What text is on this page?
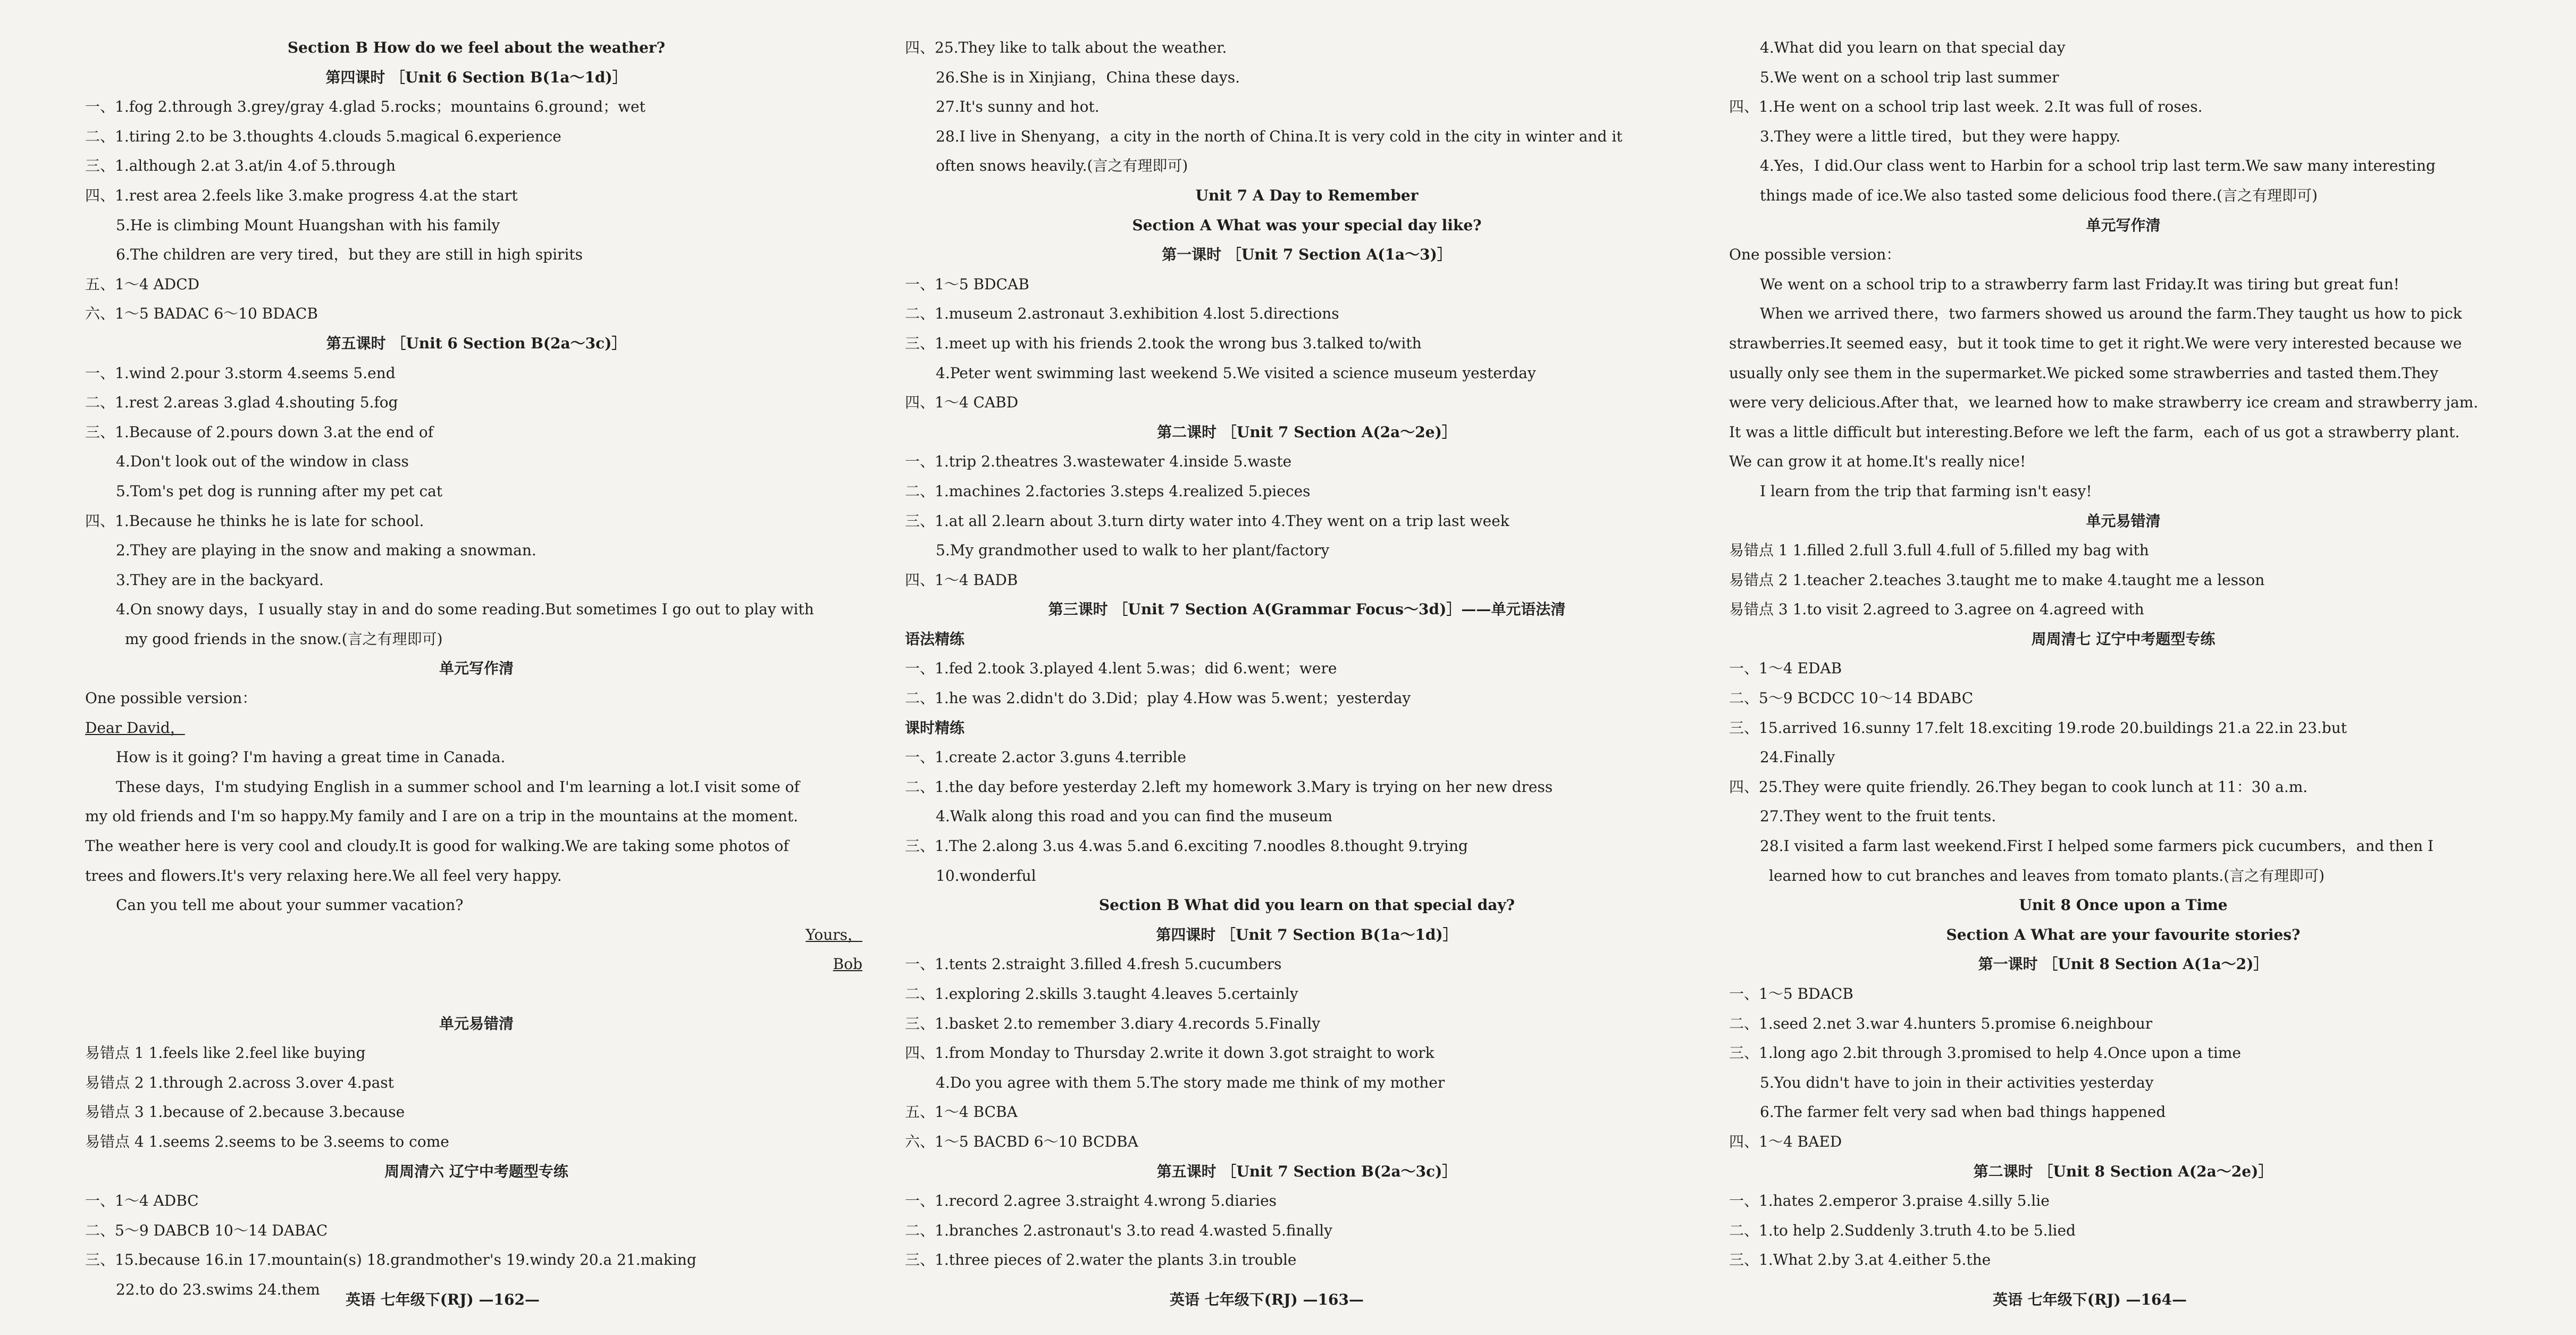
Section B How do we feel about the weather?
第四课时 ［Unit 6 Section B(1a～1d)］
一、1.fog 2.through 3.grey/gray 4.glad 5.rocks；mountains 6.ground；wet
二、1.tiring 2.to be 3.thoughts 4.clouds 5.magical 6.experience
三、1.although 2.at 3.at/in 4.of 5.through
四、1.rest area 2.feels like 3.make progress 4.at the start
5.He is climbing Mount Huangshan with his family
6.The children are very tired，but they are still in high spirits
五、1～4 ADCD
六、1～5 BADAC 6～10 BDACB
第五课时 ［Unit 6 Section B(2a～3c)］
一、1.wind 2.pour 3.storm 4.seems 5.end
二、1.rest 2.areas 3.glad 4.shouting 5.fog
三、1.Because of 2.pours down 3.at the end of
4.Don't look out of the window in class
5.Tom's pet dog is running after my pet cat
四、1.Because he thinks he is late for school.
2.They are playing in the snow and making a snowman.
3.They are in the backyard.
4.On snowy days，I usually stay in and do some reading.But sometimes I go out to play with
my good friends in the snow.(言之有理即可)
单元写作清
One possible version：
Dear David，
How is it going? I'm having a great time in Canada.
These days，I'm studying English in a summer school and I'm learning a lot.I visit some of
my old friends and I'm so happy.My family and I are on a trip in the mountains at the moment.
The weather here is very cool and cloudy.It is good for walking.We are taking some photos of
trees and flowers.It's very relaxing here.We all feel very happy.
Can you tell me about your summer vacation?
Yours，
Bob

单元易错清
易错点 1 1.feels like 2.feel like buying
易错点 2 1.through 2.across 3.over 4.past
易错点 3 1.because of 2.because 3.because
易错点 4 1.seems 2.seems to be 3.seems to come
周周清六 辽宁中考题型专练
一、1～4 ADBC
二、5～9 DABCB 10～14 DABAC
三、15.because 16.in 17.mountain(s) 18.grandmother's 19.windy 20.a 21.making
22.to do 23.swims 24.them
四、25.They like to talk about the weather.
26.She is in Xinjiang，China these days.
27.It's sunny and hot.
28.I live in Shenyang，a city in the north of China.It is very cold in the city in winter and it
often snows heavily.(言之有理即可)
Unit 7 A Day to Remember
Section A What was your special day like?
第一课时 ［Unit 7 Section A(1a～3)］
一、1～5 BDCAB
二、1.museum 2.astronaut 3.exhibition 4.lost 5.directions
三、1.meet up with his friends 2.took the wrong bus 3.talked to/with
4.Peter went swimming last weekend 5.We visited a science museum yesterday
四、1～4 CABD
第二课时 ［Unit 7 Section A(2a～2e)］
一、1.trip 2.theatres 3.wastewater 4.inside 5.waste
二、1.machines 2.factories 3.steps 4.realized 5.pieces
三、1.at all 2.learn about 3.turn dirty water into 4.They went on a trip last week
5.My grandmother used to walk to her plant/factory
四、1～4 BADB
第三课时 ［Unit 7 Section A(Grammar Focus～3d)］——单元语法清
语法精练
一、1.fed 2.took 3.played 4.lent 5.was；did 6.went；were
二、1.he was 2.didn't do 3.Did；play 4.How was 5.went；yesterday
课时精练
一、1.create 2.actor 3.guns 4.terrible
二、1.the day before yesterday 2.left my homework 3.Mary is trying on her new dress
4.Walk along this road and you can find the museum
三、1.The 2.along 3.us 4.was 5.and 6.exciting 7.noodles 8.thought 9.trying
10.wonderful
Section B What did you learn on that special day?
第四课时 ［Unit 7 Section B(1a～1d)］
一、1.tents 2.straight 3.filled 4.fresh 5.cucumbers
二、1.exploring 2.skills 3.taught 4.leaves 5.certainly
三、1.basket 2.to remember 3.diary 4.records 5.Finally
四、1.from Monday to Thursday 2.write it down 3.got straight to work
4.Do you agree with them 5.The story made me think of my mother
五、1～4 BCBA
六、1～5 BACBD 6～10 BCDBA
第五课时 ［Unit 7 Section B(2a～3c)］
一、1.record 2.agree 3.straight 4.wrong 5.diaries
二、1.branches 2.astronaut's 3.to read 4.wasted 5.finally
三、1.three pieces of 2.water the plants 3.in trouble
4.What did you learn on that special day
5.We went on a school trip last summer
四、1.He went on a school trip last week. 2.It was full of roses.
3.They were a little tired，but they were happy.
4.Yes，I did.Our class went to Harbin for a school trip last term.We saw many interesting
things made of ice.We also tasted some delicious food there.(言之有理即可)
单元写作清
One possible version：
We went on a school trip to a strawberry farm last Friday.It was tiring but great fun!
When we arrived there，two farmers showed us around the farm.They taught us how to pick
strawberries.It seemed easy，but it took time to get it right.We were very interested because we
usually only see them in the supermarket.We picked some strawberries and tasted them.They
were very delicious.After that，we learned how to make strawberry ice cream and strawberry jam.
It was a little difficult but interesting.Before we left the farm，each of us got a strawberry plant.
We can grow it at home.It's really nice!
I learn from the trip that farming isn't easy!
单元易错清
易错点 1 1.filled 2.full 3.full 4.full of 5.filled my bag with
易错点 2 1.teacher 2.teaches 3.taught me to make 4.taught me a lesson
易错点 3 1.to visit 2.agreed to 3.agree on 4.agreed with
周周清七 辽宁中考题型专练
一、1～4 EDAB
二、5～9 BCDCC 10～14 BDABC
三、15.arrived 16.sunny 17.felt 18.exciting 19.rode 20.buildings 21.a 22.in 23.but
24.Finally
四、25.They were quite friendly. 26.They began to cook lunch at 11：30 a.m.
27.They went to the fruit tents.
28.I visited a farm last weekend.First I helped some farmers pick cucumbers，and then I
learned how to cut branches and leaves from tomato plants.(言之有理即可)
Unit 8 Once upon a Time
Section A What are your favourite stories?
第一课时 ［Unit 8 Section A(1a～2)］
一、1～5 BDACB
二、1.seed 2.net 3.war 4.hunters 5.promise 6.neighbour
三、1.long ago 2.bit through 3.promised to help 4.Once upon a time
5.You didn't have to join in their activities yesterday
6.The farmer felt very sad when bad things happened
四、1～4 BAED
第二课时 ［Unit 8 Section A(2a～2e)］
一、1.hates 2.emperor 3.praise 4.silly 5.lie
二、1.to help 2.Suddenly 3.truth 4.to be 5.lied
三、1.What 2.by 3.at 4.either 5.the
英语 七年级下(RJ) —162—	英语 七年级下(RJ) —163—	英语 七年级下(RJ) —164—
